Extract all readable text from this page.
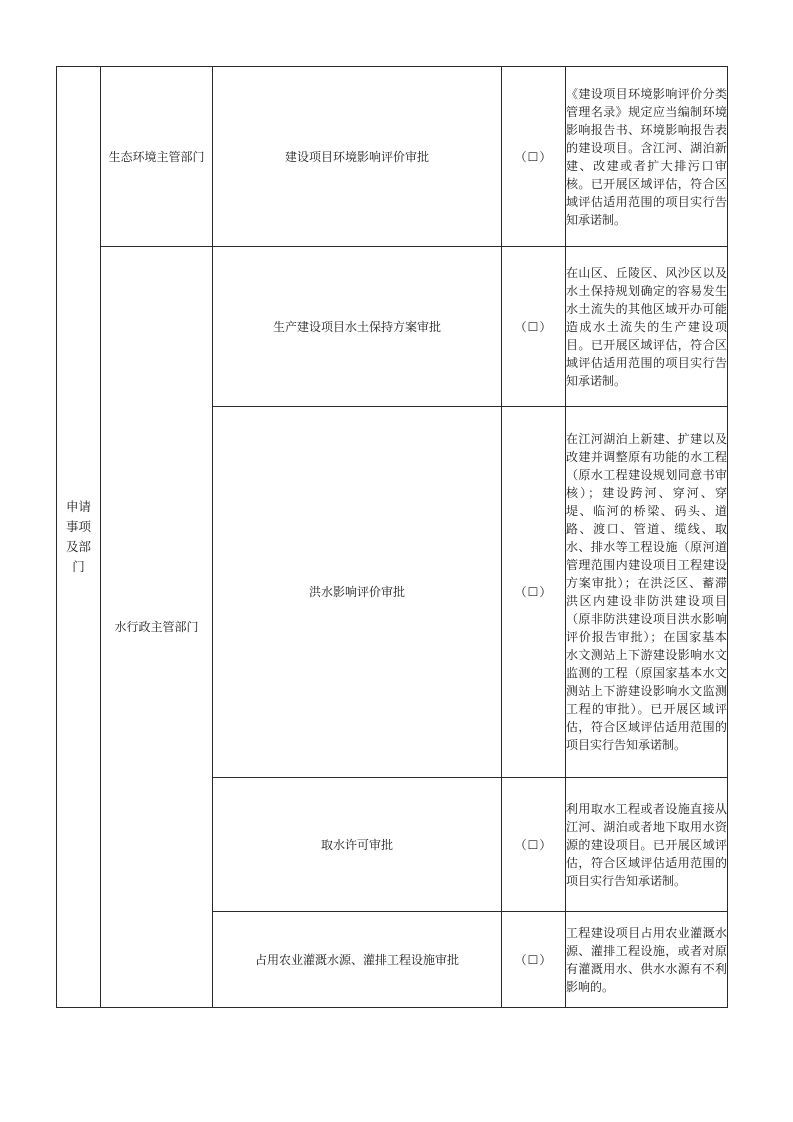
申请事项及部门	生态环境主管部门	建设项目环境影响评价审批	（☐）	《建设项目环境影响评价分类管理名录》规定应当编制环境影响报告书、环境影响报告表的建设项目。含江河、湖泊新建、改建或者扩大排污口审核。已开展区域评估，符合区域评估适用范围的项目实行告知承诺制。

	水行政主管部门	生产建设项目水土保持方案审批	（☐）	在山区、丘陵区、风沙区以及水土保持规划确定的容易发生水土流失的其他区域开办可能造成水土流失的生产建设项目。已开展区域评估，符合区域评估适用范围的项目实行告知承诺制。

		洪水影响评价审批	（☐）	在江河湖泊上新建、扩建以及改建并调整原有功能的水工程（原水工程建设规划同意书审核）；建设跨河、穿河、穿堤、临河的桥梁、码头、道路、渡口、管道、缆线、取水、排水等工程设施（原河道管理范围内建设项目工程建设方案审批）；在洪泛区、蓄滞洪区内建设非防洪建设项目（原非防洪建设项目洪水影响评价报告审批）；在国家基本水文测站上下游建设影响水文监测的工程（原国家基本水文测站上下游建设影响水文监测工程的审批）。已开展区域评估，符合区域评估适用范围的项目实行告知承诺制。

		取水许可审批	（☐）	利用取水工程或者设施直接从江河、湖泊或者地下取用水资源的建设项目。已开展区域评估，符合区域评估适用范围的项目实行告知承诺制。

		占用农业灌溉水源、灌排工程设施审批	（☐）	工程建设项目占用农业灌溉水源、灌排工程设施，或者对原有灌溉用水、供水水源有不利影响的。
